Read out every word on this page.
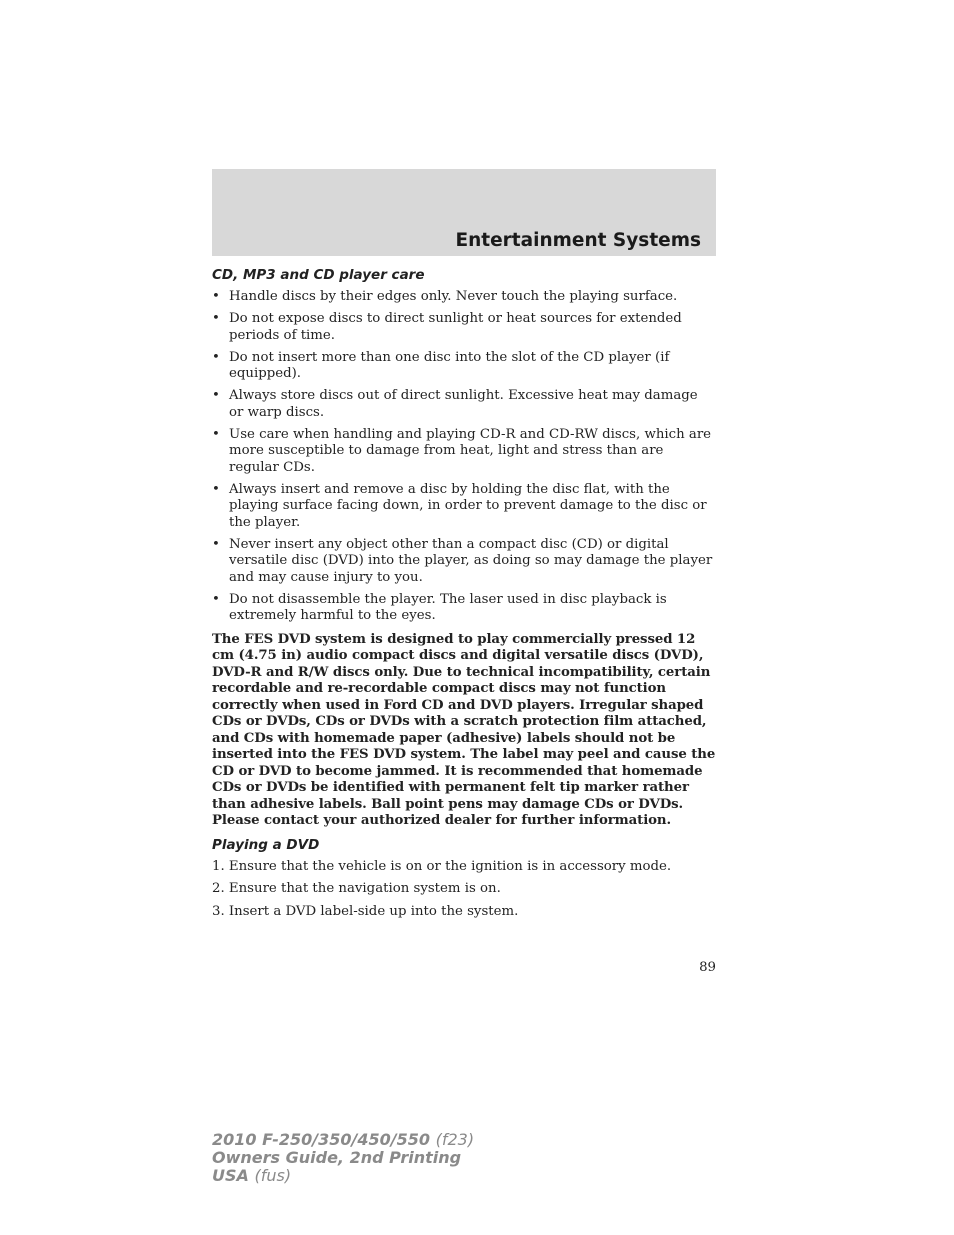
Entertainment Systems
CD, MP3 and CD player care
• Handle discs by their edges only. Never touch the playing surface.
• Do not expose discs to direct sunlight or heat sources for extended periods of time.
• Do not insert more than one disc into the slot of the CD player (if equipped).
• Always store discs out of direct sunlight. Excessive heat may damage or warp discs.
• Use care when handling and playing CD-R and CD-RW discs, which are more susceptible to damage from heat, light and stress than are regular CDs.
• Always insert and remove a disc by holding the disc flat, with the playing surface facing down, in order to prevent damage to the disc or the player.
• Never insert any object other than a compact disc (CD) or digital versatile disc (DVD) into the player, as doing so may damage the player and may cause injury to you.
• Do not disassemble the player. The laser used in disc playback is extremely harmful to the eyes.

The FES DVD system is designed to play commercially pressed 12 cm (4.75 in) audio compact discs and digital versatile discs (DVD), DVD-R and R/W discs only. Due to technical incompatibility, certain recordable and re-recordable compact discs may not function correctly when used in Ford CD and DVD players. Irregular shaped CDs or DVDs, CDs or DVDs with a scratch protection film attached, and CDs with homemade paper (adhesive) labels should not be inserted into the FES DVD system. The label may peel and cause the CD or DVD to become jammed. It is recommended that homemade CDs or DVDs be identified with permanent felt tip marker rather than adhesive labels. Ball point pens may damage CDs or DVDs. Please contact your authorized dealer for further information.

Playing a DVD
1. Ensure that the vehicle is on or the ignition is in accessory mode.
2. Ensure that the navigation system is on.
3. Insert a DVD label-side up into the system.
89
2010 F-250/350/450/550 (f23)
Owners Guide, 2nd Printing
USA (fus)
